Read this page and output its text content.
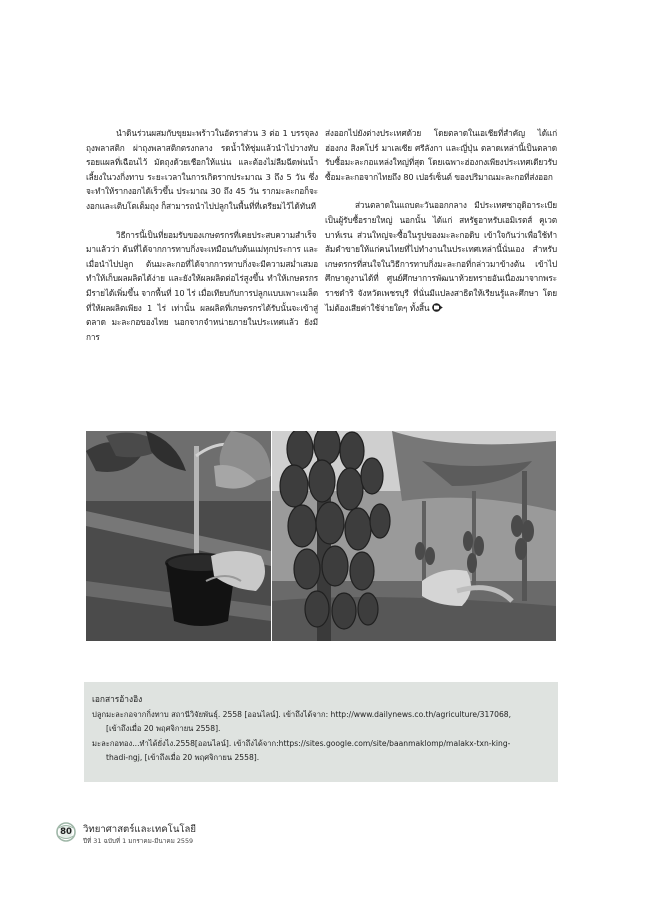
นำดินร่วนผสมกับขุยมะพร้าวในอัตราส่วน 3 ต่อ 1 บรรจุลงถุงพลาสติก ผ่าถุงพลาสติกตรงกลาง รดน้ำให้ชุ่มแล้วนำไปวางทับรอยแผลที่เฉือนไว้ มัดถุงด้วยเชือกให้แน่น และต้องไม่ลืมฉีดพ่นน้ำเลี้ยงในวงกิ่งทาบ ระยะเวลาในการเกิดรากประมาณ 3 ถึง 5 วัน ซึ่งจะทำให้รากงอกได้เร็วขึ้น ประมาณ 30 ถึง 45 วัน รากมะละกอก็จะงอกและเติบโตเต็มถุง ก็สามารถนำไปปลูกในพื้นที่ที่เตรียมไว้ได้ทันที

วิธีการนี้เป็นที่ยอมรับของเกษตรกรที่เคยประสบความสำเร็จมาแล้วว่า ต้นที่ได้จากการทาบกิ่งจะเหมือนกับต้นแม่ทุกประการ และเมื่อนำไปปลูก ต้นมะละกอที่ได้จากการทาบกิ่งจะมีความสม่ำเสมอ ทำให้เก็บผลผลิตได้ง่าย และยังให้ผลผลิตต่อไร่สูงขึ้น ทำให้เกษตรกรมีรายได้เพิ่มขึ้น จากพื้นที่ 10 ไร่ เมื่อเทียบกับการปลูกแบบเพาะเมล็ดที่ให้ผลผลิตเพียง 1 ไร่ เท่านั้น ผลผลิตที่เกษตรกรได้รับนั้นจะเข้าสู่ตลาด มะละกอของไทย นอกจากจำหน่ายภายในประเทศแล้ว ยังมีการ

ส่งออกไปยังต่างประเทศด้วย โดยตลาดในเอเชียที่สำคัญ ได้แก่ ฮ่องกง สิงคโปร์ มาเลเซีย ศรีลังกา และญี่ปุ่น ตลาดเหล่านี้เป็นตลาดรับซื้อมะละกอแหล่งใหญ่ที่สุด โดยเฉพาะฮ่องกงเพียงประเทศเดียวรับซื้อมะละกอจากไทยถึง 80 เปอร์เซ็นต์ ของปริมาณมะละกอที่ส่งออก

ส่วนตลาดในแถบตะวันออกกลาง มีประเทศซาอุดิอาระเบียเป็นผู้รับซื้อรายใหญ่ นอกนั้น ได้แก่ สหรัฐอาหรับเอมิเรตส์ คูเวต บาห์เรน ส่วนใหญ่จะซื้อในรูปของมะละกอดิบ เข้าใจกันว่าเพื่อใช้ทำส้มตำขายให้แก่คนไทยที่ไปทำงานในประเทศเหล่านี้นั่นเอง สำหรับเกษตรกรที่สนใจในวิธีการทาบกิ่งมะละกอที่กล่าวมาข้างต้น เข้าไปศึกษาดูงานได้ที่ ศูนย์ศึกษาการพัฒนาห้วยทรายอันเนื่องมาจากพระราชดำริ จังหวัดเพชรบุรี ที่นั่นมีแปลงสาธิตให้เรียนรู้และศึกษา โดยไม่ต้องเสียค่าใช้จ่ายใดๆ ทั้งสิ้น

เอกสารอ้างอิง

ปลูกมะละกอจากกิ่งทาบ สถานีวิจัยพันธุ์. 2558 [ออนไลน์]. เข้าถึงได้จาก: http://www.dailynews.co.th/agriculture/317068,

[เข้าถึงเมื่อ 20 พฤศจิกายน 2558].

มะละกอทอง...ทำได้ยั่งไง.2558[ออนไลน์]. เข้าถึงได้จาก:https://sites.google.com/site/baanmaklomp/malakx-txn-king-

thadi-ngj, [เข้าถึงเมื่อ 20 พฤศจิกายน 2558].

80 วิทยาศาสตร์และเทคโนโลยี
ปีที่ 31 ฉบับที่ 1 มกราคม-มีนาคม 2559
